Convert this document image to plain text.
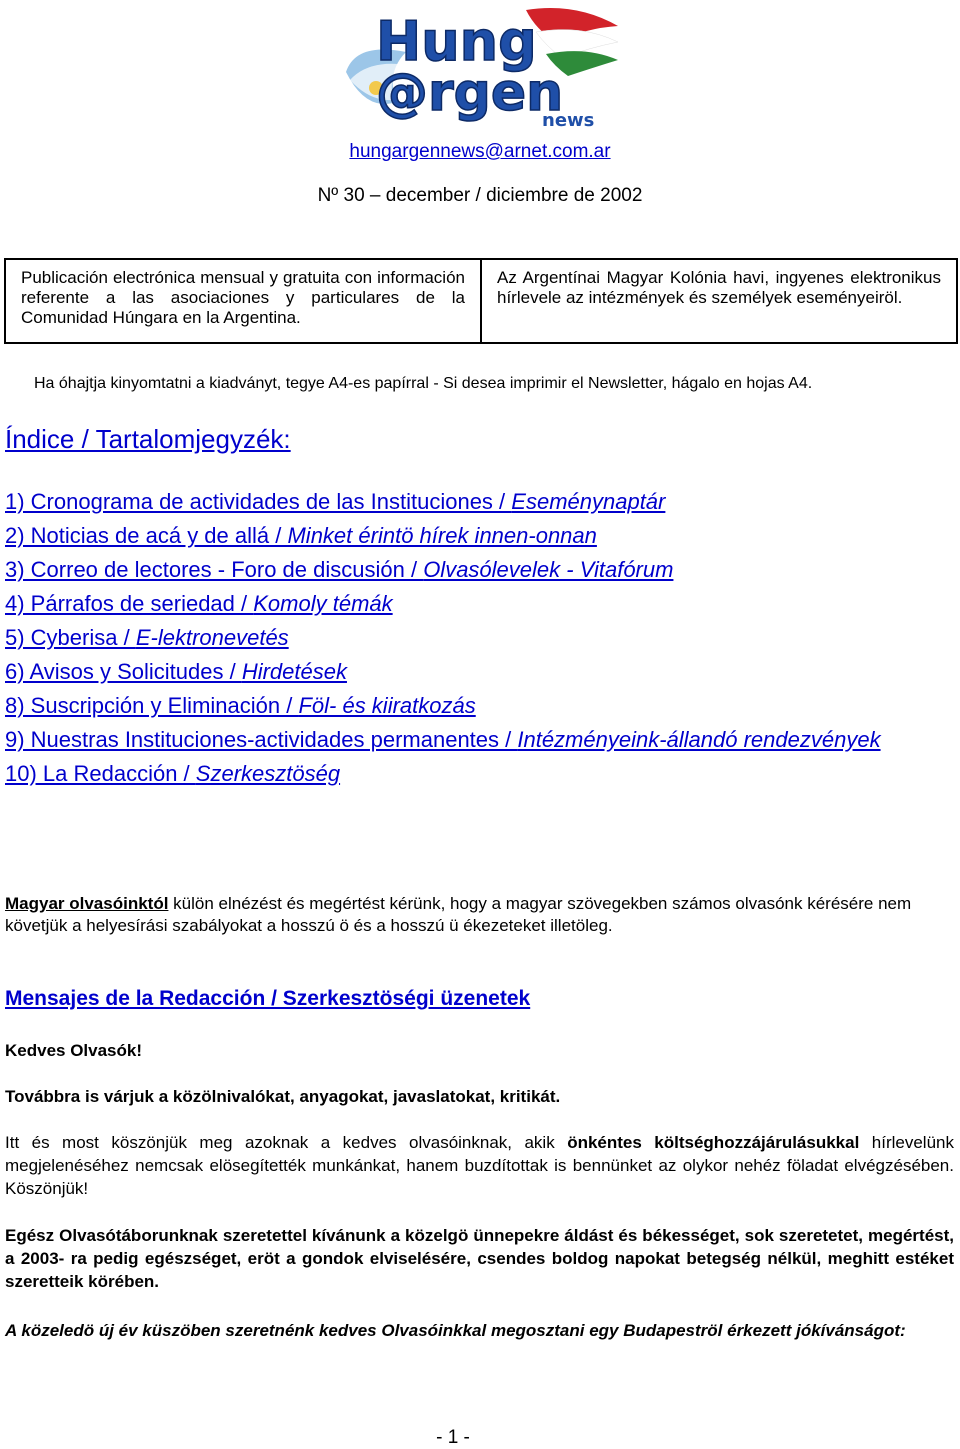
Hung
@rgen
news
hungargennews@arnet.com.ar
Nº 30 – december / diciembre de 2002
Publicación electrónica mensual y gratuita con información referente a las asociaciones y particulares de la Comunidad Húngara en la Argentina.
Az Argentínai Magyar Kolónia havi, ingyenes elektronikus hírlevele az intézmények és személyek eseményeiröl.
Ha óhajtja kinyomtatni a kiadványt, tegye A4-es papírral - Si desea imprimir el Newsletter, hágalo en hojas A4.
Índice / Tartalomjegyzék:
1) Cronograma de actividades de las Instituciones / Eseménynaptár
2) Noticias de acá y de allá / Minket érintö hírek innen-onnan
3) Correo de lectores - Foro de discusión / Olvasólevelek - Vitafórum
4) Párrafos de seriedad / Komoly témák
5) Cyberisa / E-lektronevetés
6) Avisos y Solicitudes / Hirdetések
8) Suscripción y Eliminación / Föl- és kiiratkozás
9) Nuestras Instituciones-actividades permanentes / Intézményeink-állandó rendezvények
10) La Redacción / Szerkesztöség
Magyar olvasóinktól külön elnézést és megértést kérünk, hogy a magyar szövegekben számos olvasónk kérésére nem követjük a helyesírási szabályokat a hosszú ö és a hosszú ü ékezeteket illetöleg.
Mensajes de la Redacción / Szerkesztöségi üzenetek
Kedves Olvasók!
Továbbra is várjuk a közölnivalókat, anyagokat, javaslatokat, kritikát.
Itt és most köszönjük meg azoknak a kedves olvasóinknak, akik önkéntes költséghozzájárulásukkal hírlevelünk megjelenéséhez nemcsak elösegítették munkánkat, hanem buzdítottak is bennünket az olykor nehéz föladat elvégzésében. Köszönjük!
Egész Olvasótáborunknak szeretettel kívánunk a közelgö ünnepekre áldást és békességet, sok szeretetet, megértést, a 2003- ra pedig egészséget, eröt a gondok elviselésére, csendes boldog napokat betegség nélkül, meghitt estéket szeretteik körében.
A közeledö új év küszöben szeretnénk kedves Olvasóinkkal megosztani egy Budapeströl érkezett jókívánságot:
- 1 -
